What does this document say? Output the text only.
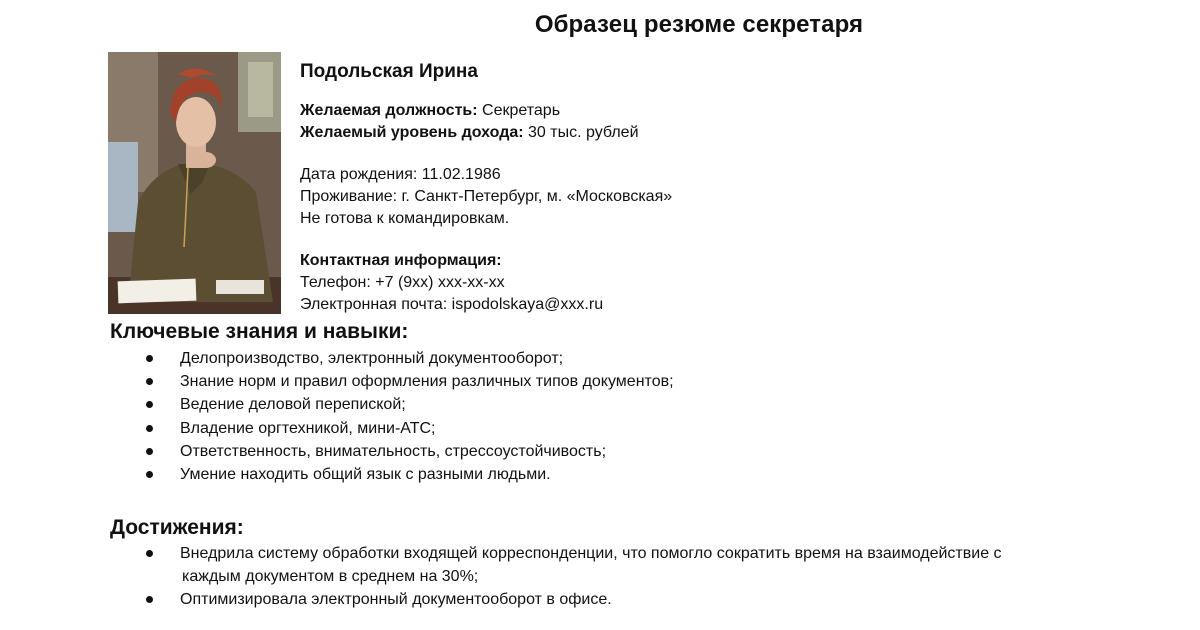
Образец резюме секретаря
Подольская Ирина
Желаемая должность: Секретарь
Желаемый уровень дохода: 30 тыс. рублей
Дата рождения: 11.02.1986
Проживание: г. Санкт-Петербург, м. «Московская»
Не готова к командировкам.
Контактная информация:
Телефон: +7 (9хх) ххх-хх-хх
Электронная почта: ispodolskaya@xxx.ru
Ключевые знания и навыки:
Делопроизводство, электронный документооборот;
Знание норм и правил оформления различных типов документов;
Ведение деловой перепиской;
Владение оргтехникой, мини-АТС;
Ответственность, внимательность, стрессоустойчивость;
Умение находить общий язык с разными людьми.
Достижения:
Внедрила систему обработки входящей корреспонденции, что помогло сократить время на взаимодействие с
каждым документом в среднем на 30%;
Оптимизировала электронный документооборот в офисе.
